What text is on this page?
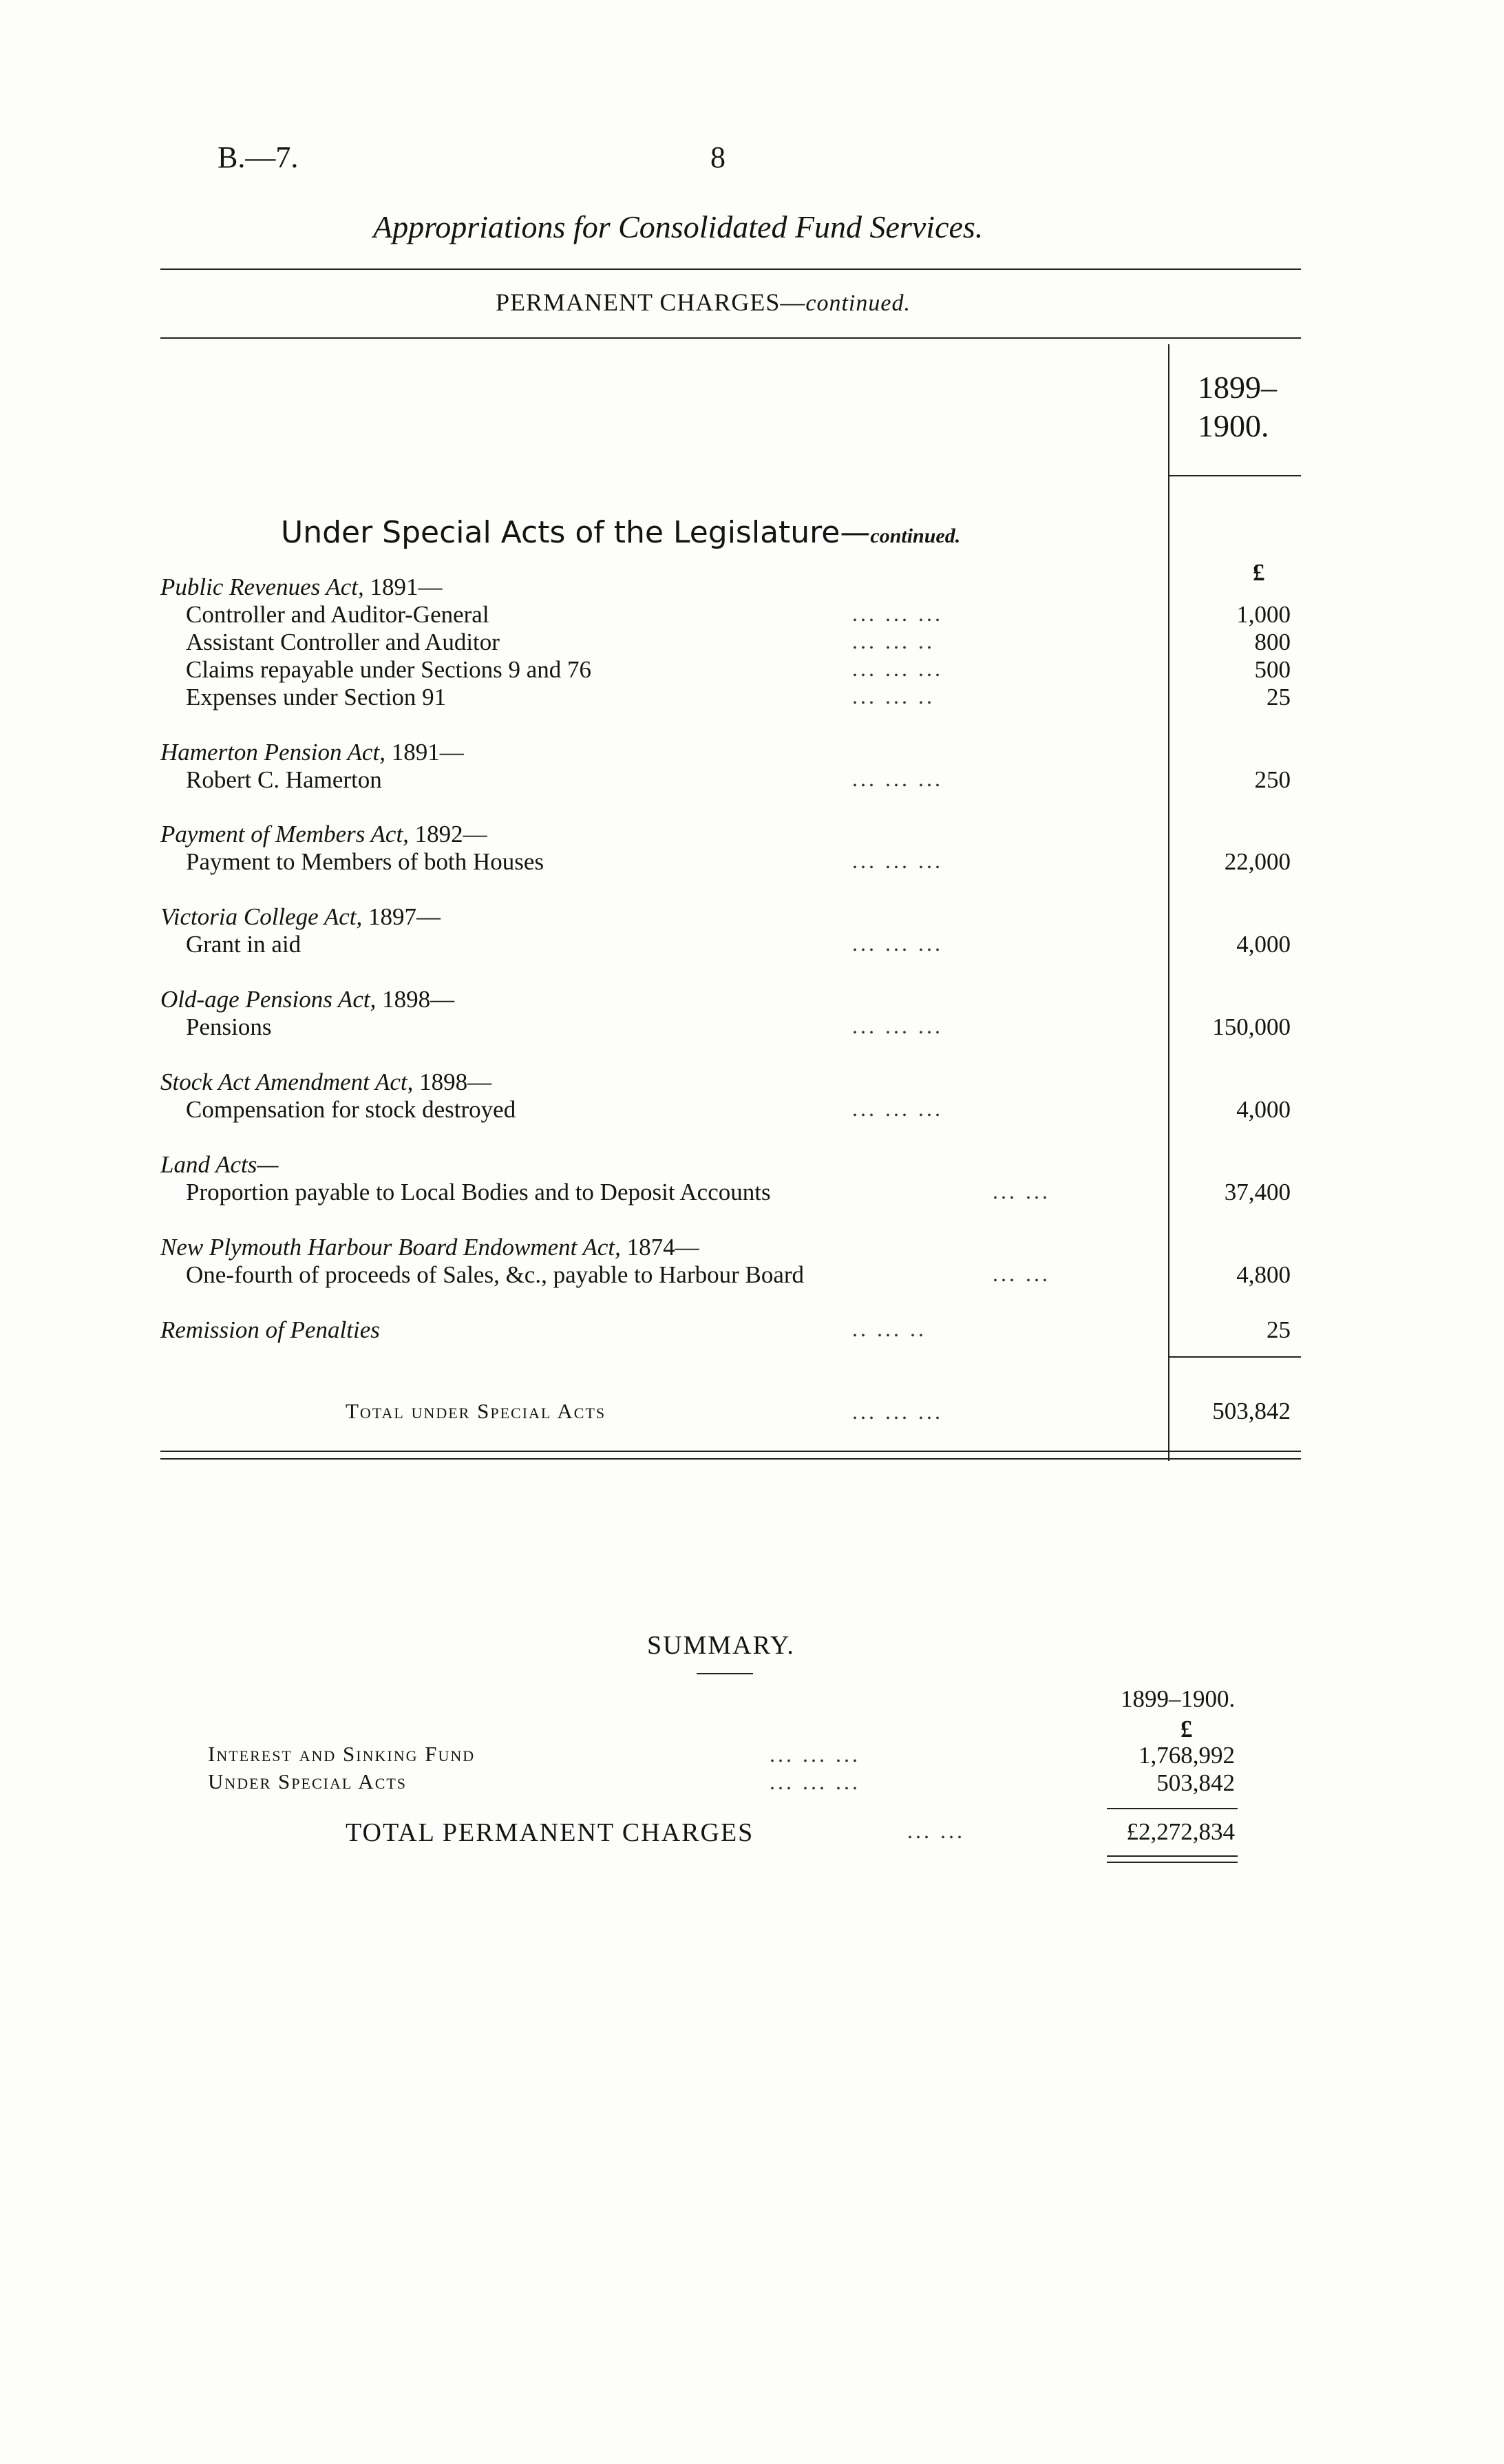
B.—7.	8
Appropriations for Consolidated Fund Services.
PERMANENT CHARGES—continued.
1899–
1900.
Under Special Acts of the Legislature—continued.
£
Public Revenues Act, 1891—
Controller and Auditor-General	... ... ...	1,000
Assistant Controller and Auditor	... ... ..	800
Claims repayable under Sections 9 and 76	... ... ...	500
Expenses under Section 91	... ... ..	25
Hamerton Pension Act, 1891—
Robert C. Hamerton	... ... ...	250
Payment of Members Act, 1892—
Payment to Members of both Houses	... ... ...	22,000
Victoria College Act, 1897—
Grant in aid	... ... ...	4,000
Old-age Pensions Act, 1898—
Pensions	... ... ...	150,000
Stock Act Amendment Act, 1898—
Compensation for stock destroyed	... ... ...	4,000
Land Acts—
Proportion payable to Local Bodies and to Deposit Accounts	... ...	37,400
New Plymouth Harbour Board Endowment Act, 1874—
One-fourth of proceeds of Sales, &c., payable to Harbour Board	... ...	4,800
Remission of Penalties	.. ... ..	25
Total under Special Acts	... ... ...	503,842
SUMMARY.
1899–1900.
£
Interest and Sinking Fund	... ... ...	1,768,992
Under Special Acts	... ... ...	503,842
TOTAL PERMANENT CHARGES	... ...	£2,272,834
